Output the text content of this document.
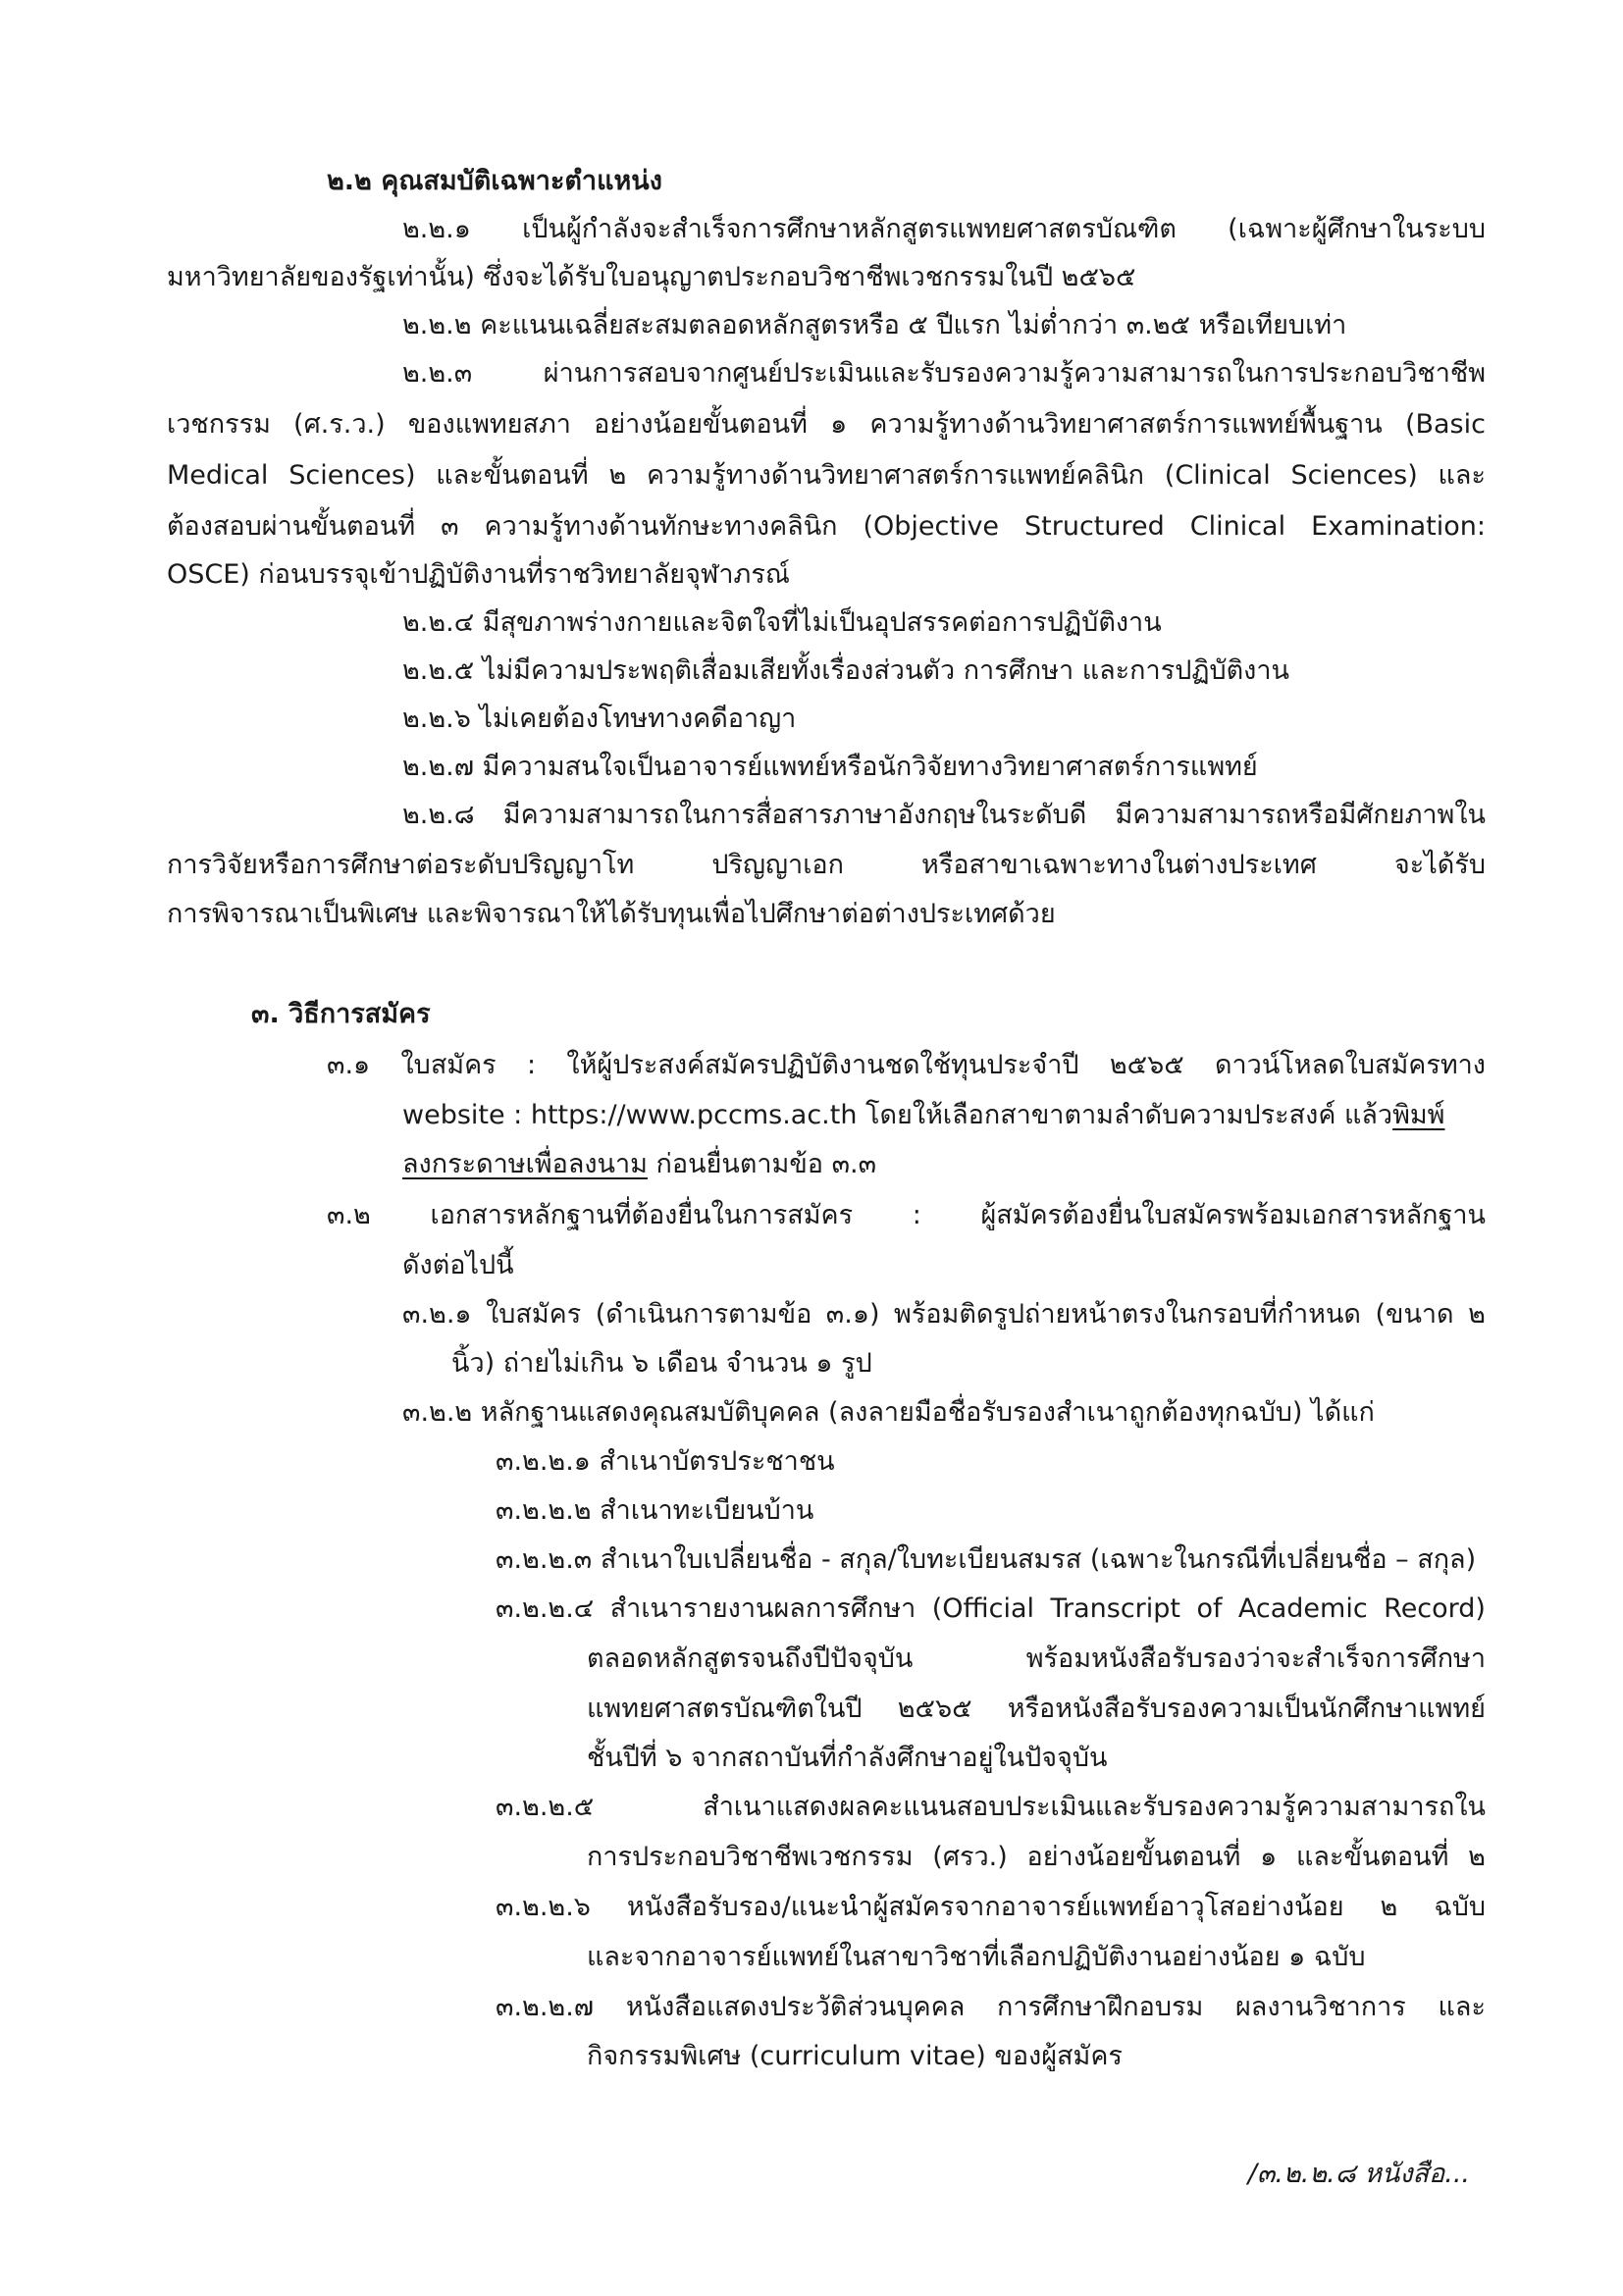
๒.๒ คุณสมบัติเฉพาะตำแหน่ง
๒.๒.๑ เป็นผู้กำลังจะสำเร็จการศึกษาหลักสูตรแพทยศาสตรบัณฑิต (เฉพาะผู้ศึกษาในระบบ
มหาวิทยาลัยของรัฐเท่านั้น) ซึ่งจะได้รับใบอนุญาตประกอบวิชาชีพเวชกรรมในปี ๒๕๖๕
๒.๒.๒ คะแนนเฉลี่ยสะสมตลอดหลักสูตรหรือ ๕ ปีแรก ไม่ต่ำกว่า ๓.๒๕ หรือเทียบเท่า
๒.๒.๓	ผ่านการสอบจากศูนย์ประเมินและรับรองความรู้ความสามารถในการประกอบวิชาชีพ
เวชกรรม (ศ.ร.ว.) ของแพทยสภา อย่างน้อยขั้นตอนที่ ๑ ความรู้ทางด้านวิทยาศาสตร์การแพทย์พื้นฐาน (Basic
Medical Sciences) และขั้นตอนที่ ๒ ความรู้ทางด้านวิทยาศาสตร์การแพทย์คลินิก (Clinical Sciences) และ
ต้องสอบผ่านขั้นตอนที่ ๓ ความรู้ทางด้านทักษะทางคลินิก (Objective Structured Clinical Examination:
OSCE) ก่อนบรรจุเข้าปฏิบัติงานที่ราชวิทยาลัยจุฬาภรณ์
๒.๒.๔ มีสุขภาพร่างกายและจิตใจที่ไม่เป็นอุปสรรคต่อการปฏิบัติงาน
๒.๒.๕ ไม่มีความประพฤติเสื่อมเสียทั้งเรื่องส่วนตัว การศึกษา และการปฏิบัติงาน
๒.๒.๖ ไม่เคยต้องโทษทางคดีอาญา
๒.๒.๗ มีความสนใจเป็นอาจารย์แพทย์หรือนักวิจัยทางวิทยาศาสตร์การแพทย์
๒.๒.๘ มีความสามารถในการสื่อสารภาษาอังกฤษในระดับดี มีความสามารถหรือมีศักยภาพใน
การวิจัยหรือการศึกษาต่อระดับปริญญาโท	ปริญญาเอก	หรือสาขาเฉพาะทางในต่างประเทศ	จะได้รับ
การพิจารณาเป็นพิเศษ และพิจารณาให้ได้รับทุนเพื่อไปศึกษาต่อต่างประเทศด้วย
๓. วิธีการสมัคร
๓.๑ ใบสมัคร : ให้ผู้ประสงค์สมัครปฏิบัติงานชดใช้ทุนประจำปี ๒๕๖๕ ดาวน์โหลดใบสมัครทาง
website : https://www.pccms.ac.th โดยให้เลือกสาขาตามลำดับความประสงค์ แล้วพิมพ์
ลงกระดาษเพื่อลงนาม ก่อนยื่นตามข้อ ๓.๓
๓.๒ เอกสารหลักฐานที่ต้องยื่นในการสมัคร : ผู้สมัครต้องยื่นใบสมัครพร้อมเอกสารหลักฐาน
ดังต่อไปนี้
๓.๒.๑ ใบสมัคร (ดำเนินการตามข้อ ๓.๑) พร้อมติดรูปถ่ายหน้าตรงในกรอบที่กำหนด (ขนาด ๒
นิ้ว) ถ่ายไม่เกิน ๖ เดือน จำนวน ๑ รูป
๓.๒.๒ หลักฐานแสดงคุณสมบัติบุคคล (ลงลายมือชื่อรับรองสำเนาถูกต้องทุกฉบับ) ได้แก่
๓.๒.๒.๑ สำเนาบัตรประชาชน
๓.๒.๒.๒ สำเนาทะเบียนบ้าน
๓.๒.๒.๓ สำเนาใบเปลี่ยนชื่อ - สกุล/ใบทะเบียนสมรส (เฉพาะในกรณีที่เปลี่ยนชื่อ – สกุล)
๓.๒.๒.๔ สำเนารายงานผลการศึกษา (Official Transcript of Academic Record)
ตลอดหลักสูตรจนถึงปีปัจจุบัน	พร้อมหนังสือรับรองว่าจะสำเร็จการศึกษา
แพทยศาสตรบัณฑิตในปี ๒๕๖๕ หรือหนังสือรับรองความเป็นนักศึกษาแพทย์
ชั้นปีที่ ๖ จากสถาบันที่กำลังศึกษาอยู่ในปัจจุบัน
๓.๒.๒.๕	สำเนาแสดงผลคะแนนสอบประเมินและรับรองความรู้ความสามารถใน
การประกอบวิชาชีพเวชกรรม (ศรว.) อย่างน้อยขั้นตอนที่ ๑ และขั้นตอนที่ ๒
๓.๒.๒.๖ หนังสือรับรอง/แนะนำผู้สมัครจากอาจารย์แพทย์อาวุโสอย่างน้อย ๒ ฉบับ
และจากอาจารย์แพทย์ในสาขาวิชาที่เลือกปฏิบัติงานอย่างน้อย ๑ ฉบับ
๓.๒.๒.๗ หนังสือแสดงประวัติส่วนบุคคล การศึกษาฝึกอบรม ผลงานวิชาการ และ
กิจกรรมพิเศษ (curriculum vitae) ของผู้สมัคร
/๓.๒.๒.๘ หนังสือ...
